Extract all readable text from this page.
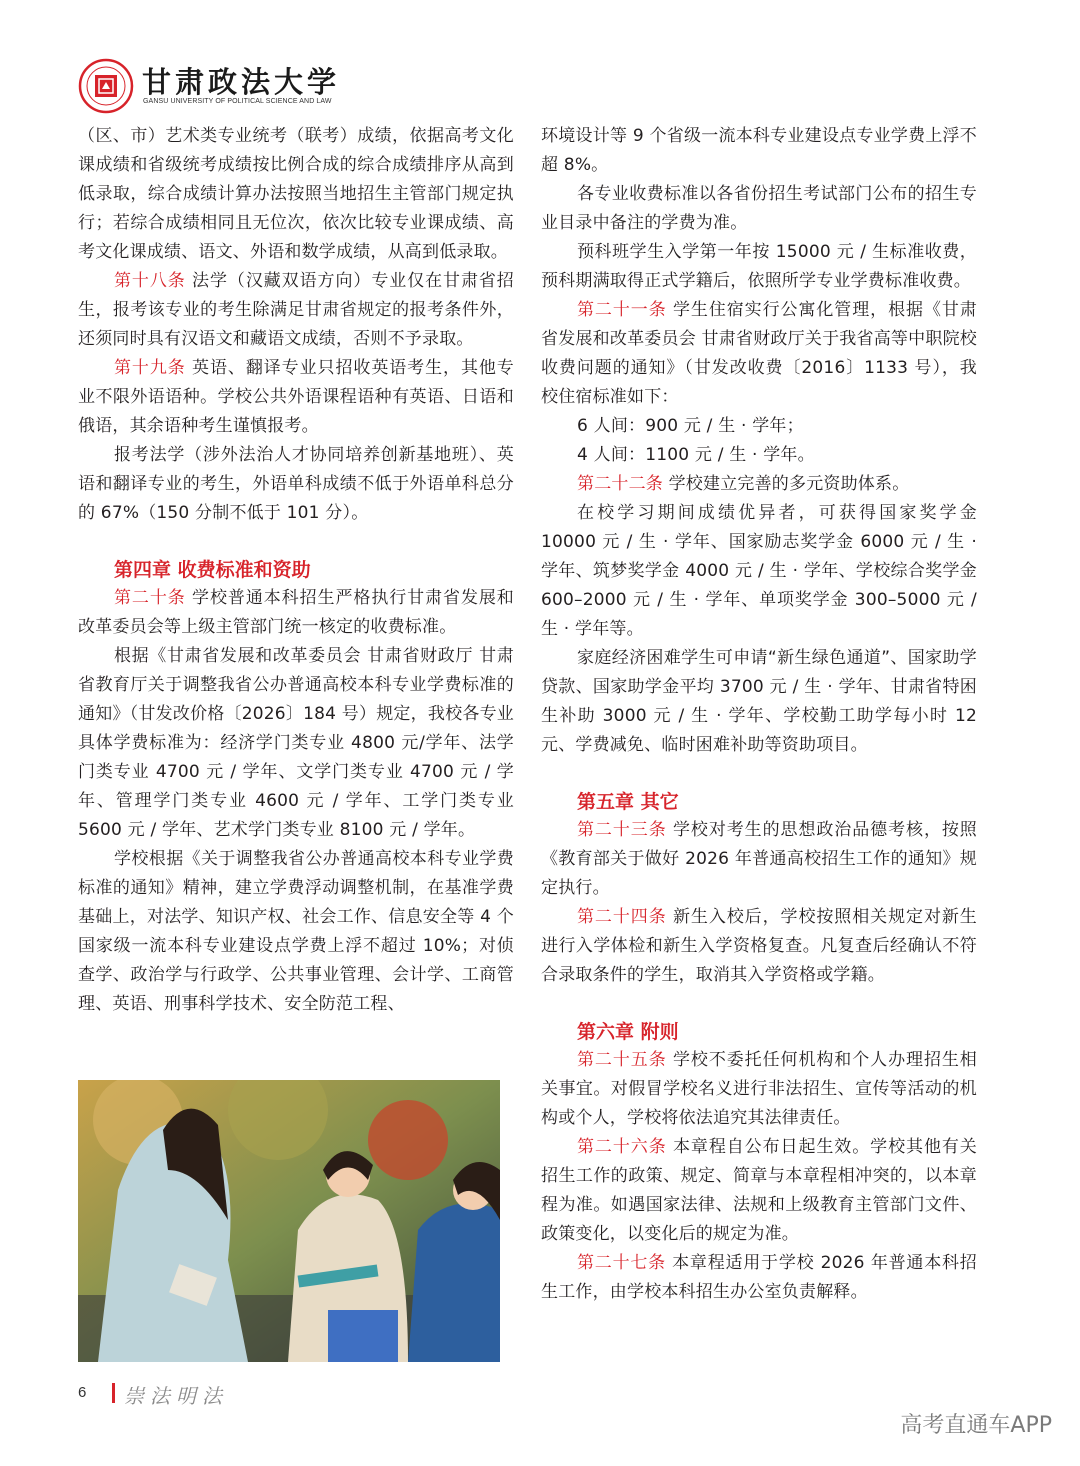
甘肃政法大学
GANSU UNIVERSITY OF POLITICAL SCIENCE AND LAW

（区、市）艺术类专业统考（联考）成绩，依据高考文化课成绩和省级统考成绩按比例合成的综合成绩排序从高到低录取，综合成绩计算办法按照当地招生主管部门规定执行；若综合成绩相同且无位次，依次比较专业课成绩、高考文化课成绩、语文、外语和数学成绩，从高到低录取。

第十八条 法学（汉藏双语方向）专业仅在甘肃省招生，报考该专业的考生除满足甘肃省规定的报考条件外，还须同时具有汉语文和藏语文成绩，否则不予录取。

第十九条 英语、翻译专业只招收英语考生，其他专业不限外语语种。学校公共外语课程语种有英语、日语和俄语，其余语种考生谨慎报考。

报考法学（涉外法治人才协同培养创新基地班）、英语和翻译专业的考生，外语单科成绩不低于外语单科总分的 67%（150 分制不低于 101 分）。

第四章 收费标准和资助

第二十条 学校普通本科招生严格执行甘肃省发展和改革委员会等上级主管部门统一核定的收费标准。

根据《甘肃省发展和改革委员会 甘肃省财政厅 甘肃省教育厅关于调整我省公办普通高校本科专业学费标准的通知》（甘发改价格〔2026〕184 号）规定，我校各专业具体学费标准为：经济学门类专业 4800 元/学年、法学门类专业 4700 元 / 学年、文学门类专业 4700 元 / 学年、管理学门类专业 4600 元 / 学年、工学门类专业 5600 元 / 学年、艺术学门类专业 8100 元 / 学年。

学校根据《关于调整我省公办普通高校本科专业学费标准的通知》精神，建立学费浮动调整机制，在基准学费基础上，对法学、知识产权、社会工作、信息安全等 4 个国家级一流本科专业建设点学费上浮不超过 10%；对侦查学、政治学与行政学、公共事业管理、会计学、工商管理、英语、刑事科学技术、安全防范工程、

环境设计等 9 个省级一流本科专业建设点专业学费上浮不超 8%。

各专业收费标准以各省份招生考试部门公布的招生专业目录中备注的学费为准。

预科班学生入学第一年按 15000 元 / 生标准收费，预科期满取得正式学籍后，依照所学专业学费标准收费。

第二十一条 学生住宿实行公寓化管理，根据《甘肃省发展和改革委员会 甘肃省财政厅关于我省高等中职院校收费问题的通知》（甘发改收费〔2016〕1133 号），我校住宿标准如下：

6 人间：900 元 / 生 · 学年；

4 人间：1100 元 / 生 · 学年。

第二十二条 学校建立完善的多元资助体系。

在校学习期间成绩优异者，可获得国家奖学金 10000 元 / 生 · 学年、国家励志奖学金 6000 元 / 生 · 学年、筑梦奖学金 4000 元 / 生 · 学年、学校综合奖学金 600–2000 元 / 生 · 学年、单项奖学金 300–5000 元 / 生 · 学年等。

家庭经济困难学生可申请“新生绿色通道”、国家助学贷款、国家助学金平均 3700 元 / 生 · 学年、甘肃省特困生补助 3000 元 / 生 · 学年、学校勤工助学每小时 12 元、学费减免、临时困难补助等资助项目。

第五章 其它

第二十三条 学校对考生的思想政治品德考核，按照《教育部关于做好 2026 年普通高校招生工作的通知》规定执行。

第二十四条 新生入校后，学校按照相关规定对新生进行入学体检和新生入学资格复查。凡复查后经确认不符合录取条件的学生，取消其入学资格或学籍。

第六章 附则

第二十五条 学校不委托任何机构和个人办理招生相关事宜。对假冒学校名义进行非法招生、宣传等活动的机构或个人，学校将依法追究其法律责任。

第二十六条 本章程自公布日起生效。学校其他有关招生工作的政策、规定、简章与本章程相冲突的，以本章程为准。如遇国家法律、法规和上级教育主管部门文件、政策变化，以变化后的规定为准。

第二十七条 本章程适用于学校 2026 年普通本科招生工作，由学校本科招生办公室负责解释。

6 崇法明法
高考直通车APP
